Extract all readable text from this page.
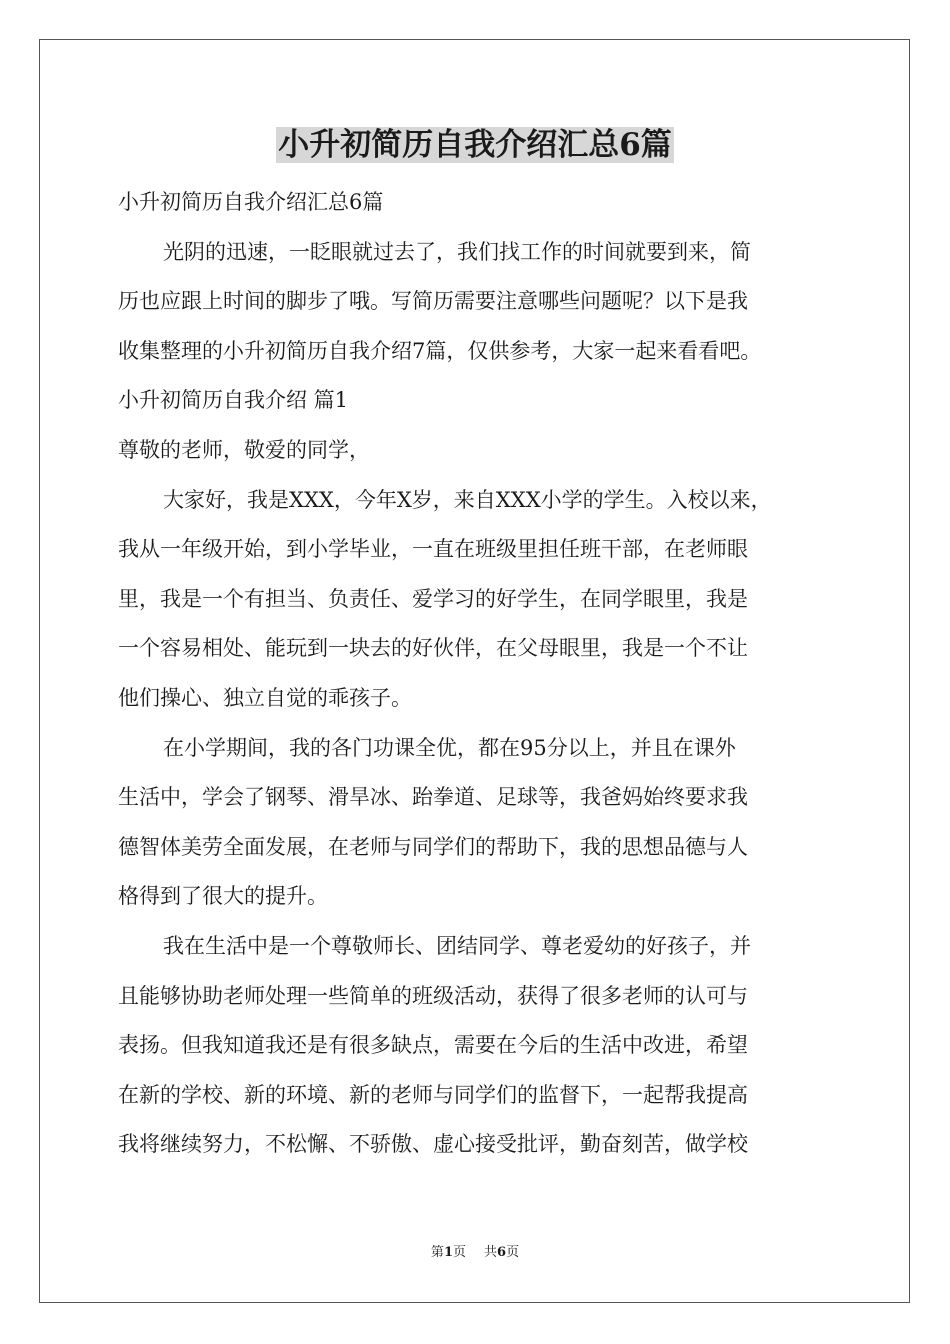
小升初简历自我介绍汇总6篇

小升初简历自我介绍汇总6篇

光阴的迅速，一眨眼就过去了，我们找工作的时间就要到来，简

历也应跟上时间的脚步了哦。写简历需要注意哪些问题呢？以下是我

收集整理的小升初简历自我介绍7篇，仅供参考，大家一起来看看吧。

小升初简历自我介绍 篇1

尊敬的老师，敬爱的同学，

大家好，我是XXX，今年X岁，来自XXX小学的学生。入校以来，

我从一年级开始，到小学毕业，一直在班级里担任班干部，在老师眼

里，我是一个有担当、负责任、爱学习的好学生，在同学眼里，我是

一个容易相处、能玩到一块去的好伙伴，在父母眼里，我是一个不让

他们操心、独立自觉的乖孩子。

在小学期间，我的各门功课全优，都在95分以上，并且在课外

生活中，学会了钢琴、滑旱冰、跆拳道、足球等，我爸妈始终要求我

德智体美劳全面发展，在老师与同学们的帮助下，我的思想品德与人

格得到了很大的提升。

我在生活中是一个尊敬师长、团结同学、尊老爱幼的好孩子，并

且能够协助老师处理一些简单的班级活动，获得了很多老师的认可与

表扬。但我知道我还是有很多缺点，需要在今后的生活中改进，希望

在新的学校、新的环境、新的老师与同学们的监督下，一起帮我提高

我将继续努力，不松懈、不骄傲、虚心接受批评，勤奋刻苦，做学校

第1页 共6页
